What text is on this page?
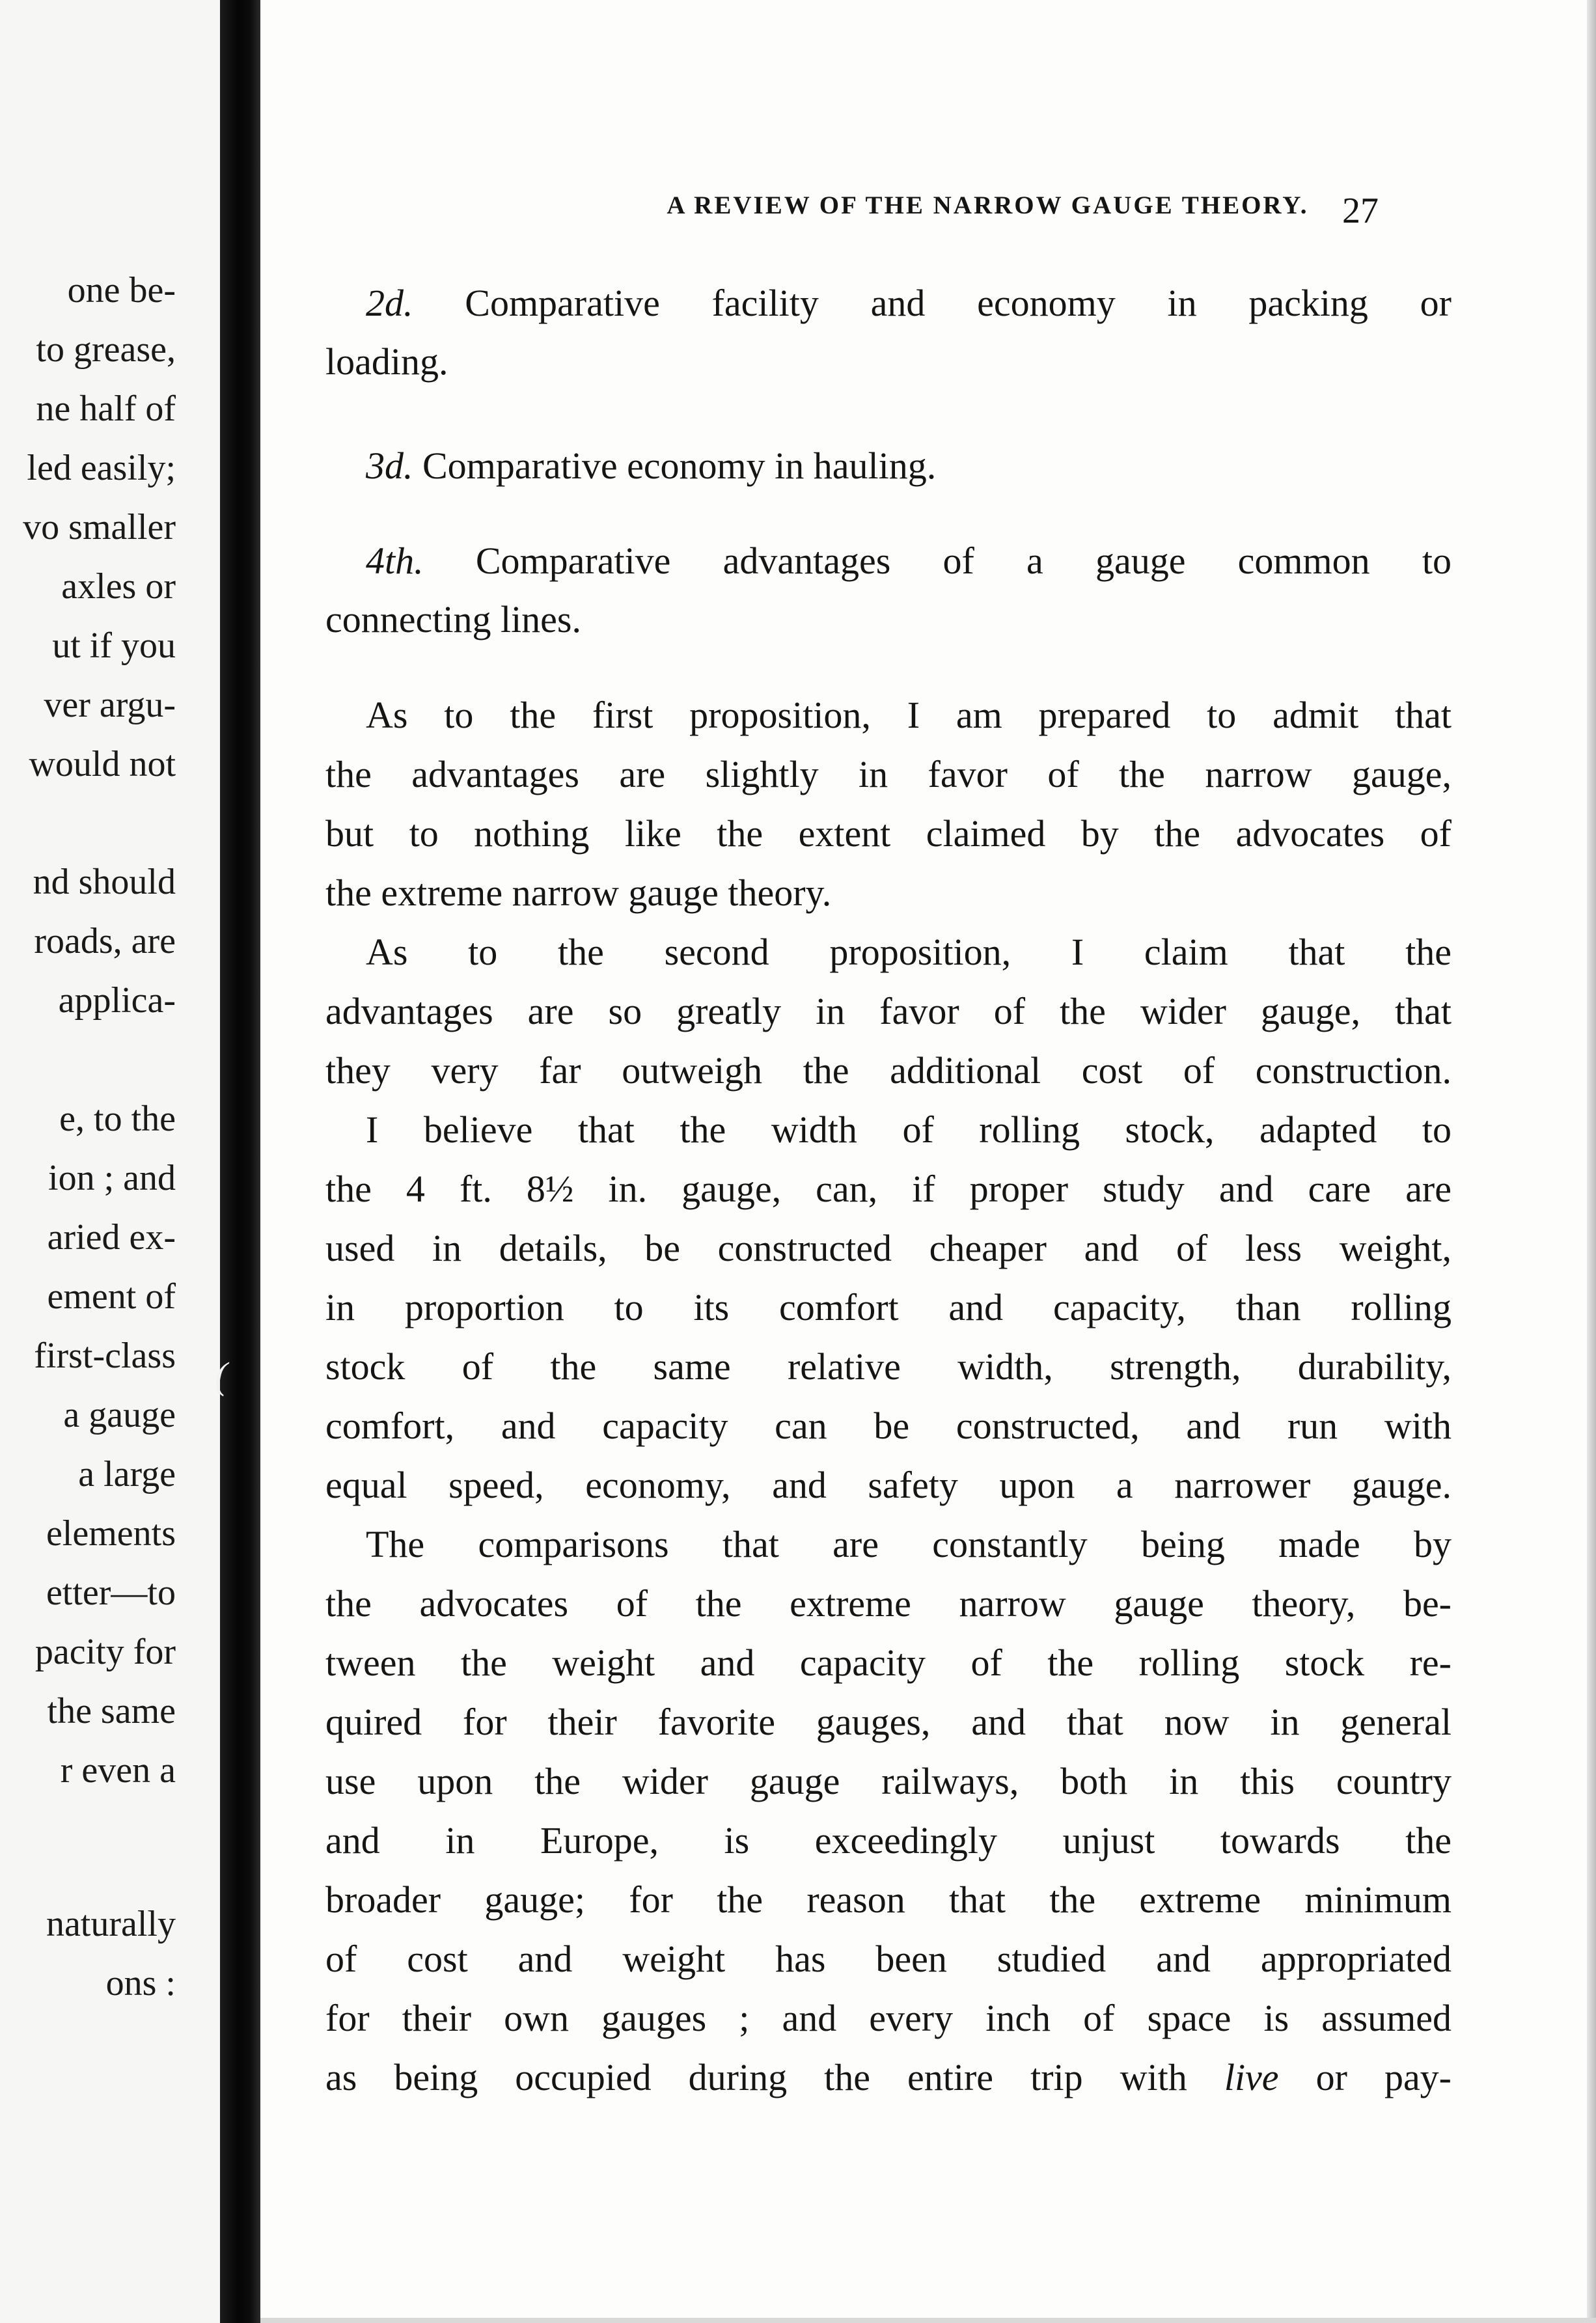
one be-
to grease,
ne half of
led easily;
vo smaller
axles or
ut if you
ver argu-
would not
nd should
roads, are
applica-
e, to the
ion ; and
aried ex-
ement of
first-class
a gauge
a large
elements
etter—to
pacity for
the same
r even a
naturally
ons :
(
A REVIEW OF THE NARROW GAUGE THEORY. 27
2d. Comparative facility and economy in packing or
loading.
3d. Comparative economy in hauling.
4th. Comparative advantages of a gauge common to
connecting lines.
As to the first proposition, I am prepared to admit that
the advantages are slightly in favor of the narrow gauge,
but to nothing like the extent claimed by the advocates of
the extreme narrow gauge theory.
As to the second proposition, I claim that the
advantages are so greatly in favor of the wider gauge, that
they very far outweigh the additional cost of construction.
I believe that the width of rolling stock, adapted to
the 4 ft. 8½ in. gauge, can, if proper study and care are
used in details, be constructed cheaper and of less weight,
in proportion to its comfort and capacity, than rolling
stock of the same relative width, strength, durability,
comfort, and capacity can be constructed, and run with
equal speed, economy, and safety upon a narrower gauge.
The comparisons that are constantly being made by
the advocates of the extreme narrow gauge theory, be-
tween the weight and capacity of the rolling stock re-
quired for their favorite gauges, and that now in general
use upon the wider gauge railways, both in this country
and in Europe, is exceedingly unjust towards the
broader gauge; for the reason that the extreme minimum
of cost and weight has been studied and appropriated
for their own gauges ; and every inch of space is assumed
as being occupied during the entire trip with live or pay-
